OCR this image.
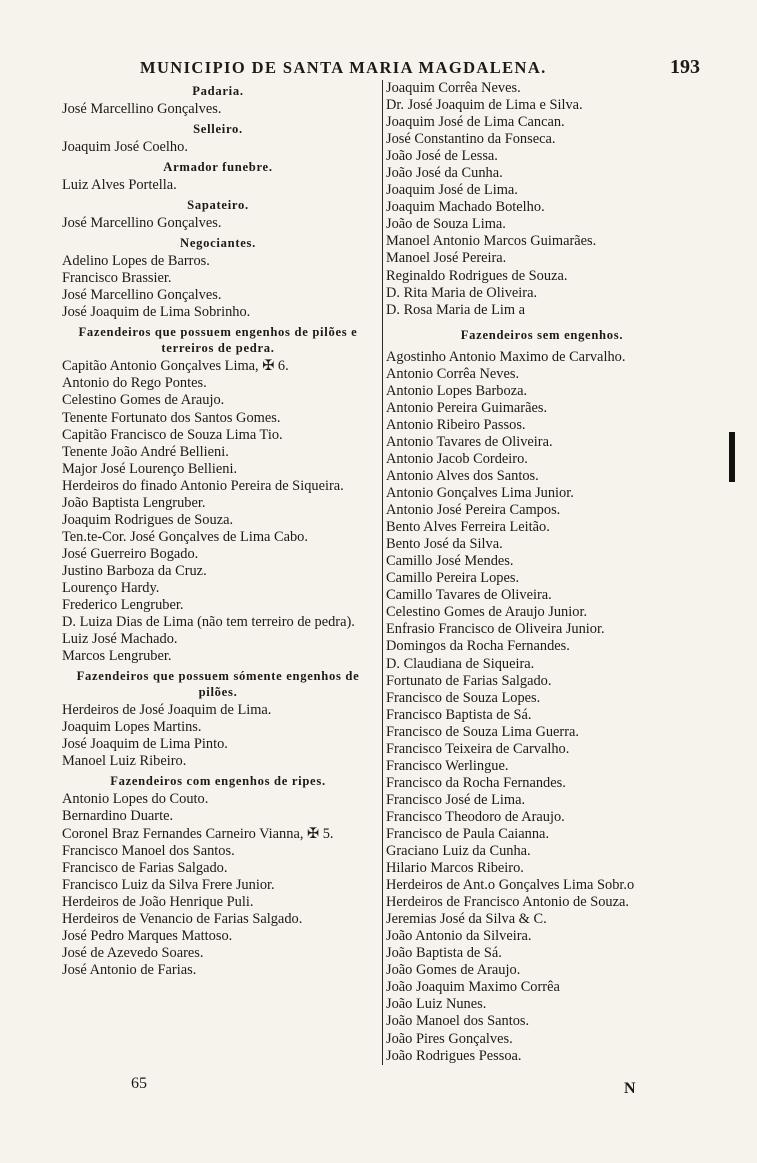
MUNICIPIO DE SANTA MARIA MAGDALENA.	193
Padaria.
José Marcellino Gonçalves.
Selleiro.
Joaquim José Coelho.
Armador funebre.
Luiz Alves Portella.
Sapateiro.
José Marcellino Gonçalves.
Negociantes.
Adelino Lopes de Barros.
Francisco Brassier.
José Marcellino Gonçalves.
José Joaquim de Lima Sobrinho.
Fazendeiros que possuem engenhos de pilões e terreiros de pedra.
Capitão Antonio Gonçalves Lima, ✠ 6.
Antonio do Rego Pontes.
Celestino Gomes de Araujo.
Tenente Fortunato dos Santos Gomes.
Capitão Francisco de Souza Lima Tio.
Tenente João André Bellieni.
Major José Lourenço Bellieni.
Herdeiros do finado Antonio Pereira de Siqueira.
João Baptista Lengruber.
Joaquim Rodrigues de Souza.
Ten.te-Cor. José Gonçalves de Lima Cabo.
José Guerreiro Bogado.
Justino Barboza da Cruz.
Lourenço Hardy.
Frederico Lengruber.
D. Luiza Dias de Lima (não tem terreiro de pedra).
Luiz José Machado.
Marcos Lengruber.
Fazendeiros que possuem sómente engenhos de pilões.
Herdeiros de José Joaquim de Lima.
Joaquim Lopes Martins.
José Joaquim de Lima Pinto.
Manoel Luiz Ribeiro.
Fazendeiros com engenhos de ripes.
Antonio Lopes do Couto.
Bernardino Duarte.
Coronel Braz Fernandes Carneiro Vianna, ✠ 5.
Francisco Manoel dos Santos.
Francisco de Farias Salgado.
Francisco Luiz da Silva Frere Junior.
Herdeiros de João Henrique Puli.
Herdeiros de Venancio de Farias Salgado.
José Pedro Marques Mattoso.
José de Azevedo Soares.
José Antonio de Farias.
Joaquim Corrêa Neves.
Dr. José Joaquim de Lima e Silva.
Joaquim José de Lima Cancan.
José Constantino da Fonseca.
João José de Lessa.
João José da Cunha.
Joaquim José de Lima.
Joaquim Machado Botelho.
João de Souza Lima.
Manoel Antonio Marcos Guimarães.
Manoel José Pereira.
Reginaldo Rodrigues de Souza.
D. Rita Maria de Oliveira.
D. Rosa Maria de Lim a
Fazendeiros sem engenhos.
Agostinho Antonio Maximo de Carvalho.
Antonio Corrêa Neves.
Antonio Lopes Barboza.
Antonio Pereira Guimarães.
Antonio Ribeiro Passos.
Antonio Tavares de Oliveira.
Antonio Jacob Cordeiro.
Antonio Alves dos Santos.
Antonio Gonçalves Lima Junior.
Antonio José Pereira Campos.
Bento Alves Ferreira Leitão.
Bento José da Silva.
Camillo José Mendes.
Camillo Pereira Lopes.
Camillo Tavares de Oliveira.
Celestino Gomes de Araujo Junior.
Enfrasio Francisco de Oliveira Junior.
Domingos da Rocha Fernandes.
D. Claudiana de Siqueira.
Fortunato de Farias Salgado.
Francisco de Souza Lopes.
Francisco Baptista de Sá.
Francisco de Souza Lima Guerra.
Francisco Teixeira de Carvalho.
Francisco Werlingue.
Francisco da Rocha Fernandes.
Francisco José de Lima.
Francisco Theodoro de Araujo.
Francisco de Paula Caianna.
Graciano Luiz da Cunha.
Hilario Marcos Ribeiro.
Herdeiros de Ant.o Gonçalves Lima Sobr.o
Herdeiros de Francisco Antonio de Souza.
Jeremias José da Silva & C.
João Antonio da Silveira.
João Baptista de Sá.
João Gomes de Araujo.
João Joaquim Maximo Corrêa
João Luiz Nunes.
João Manoel dos Santos.
João Pires Gonçalves.
João Rodrigues Pessoa.
65	N
